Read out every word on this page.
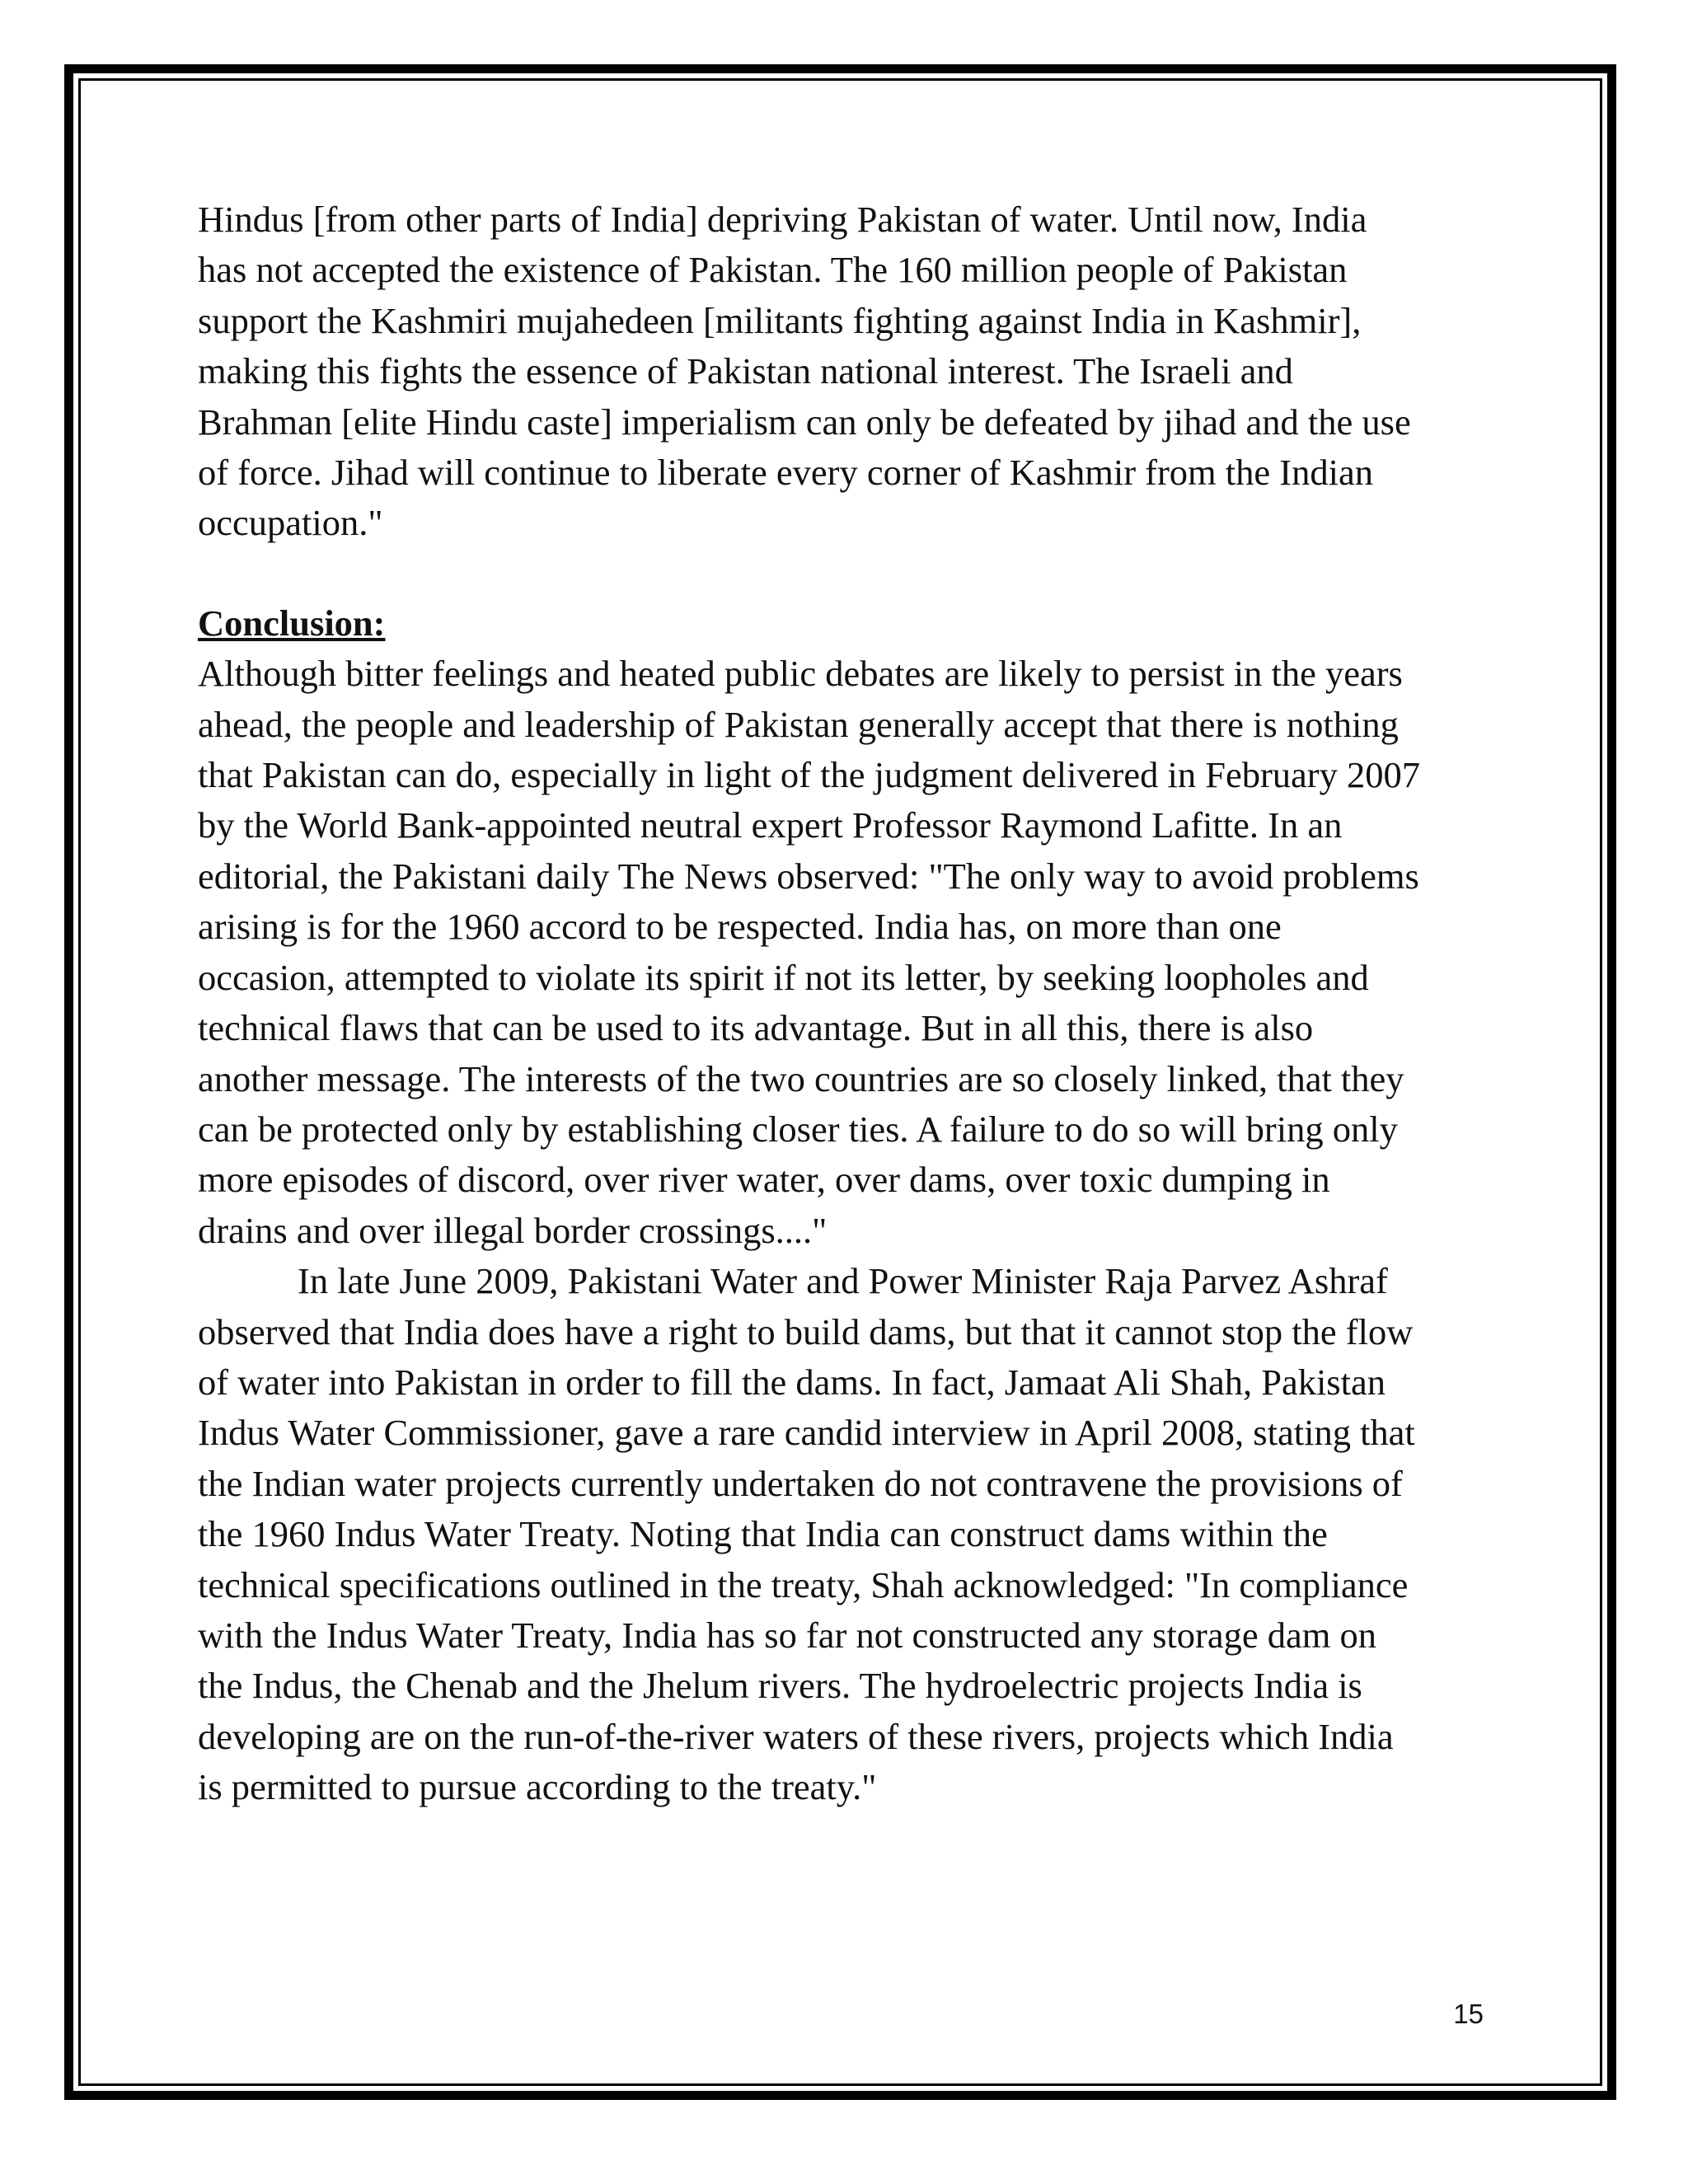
Hindus [from other parts of India] depriving Pakistan of water. Until now, India
has not accepted the existence of Pakistan. The 160 million people of Pakistan
support the Kashmiri mujahedeen [militants fighting against India in Kashmir],
making this fights the essence of Pakistan national interest. The Israeli and
Brahman [elite Hindu caste] imperialism can only be defeated by jihad and the use
of force. Jihad will continue to liberate every corner of Kashmir from the Indian
occupation."

Conclusion:

Although bitter feelings and heated public debates are likely to persist in the years
ahead, the people and leadership of Pakistan generally accept that there is nothing
that Pakistan can do, especially in light of the judgment delivered in February 2007
by the World Bank-appointed neutral expert Professor Raymond Lafitte. In an
editorial, the Pakistani daily The News observed: "The only way to avoid problems
arising is for the 1960 accord to be respected. India has, on more than one
occasion, attempted to violate its spirit if not its letter, by seeking loopholes and
technical flaws that can be used to its advantage. But in all this, there is also
another message. The interests of the two countries are so closely linked, that they
can be protected only by establishing closer ties. A failure to do so will bring only
more episodes of discord, over river water, over dams, over toxic dumping in
drains and over illegal border crossings...."

In late June 2009, Pakistani Water and Power Minister Raja Parvez Ashraf
observed that India does have a right to build dams, but that it cannot stop the flow
of water into Pakistan in order to fill the dams. In fact, Jamaat Ali Shah, Pakistan
Indus Water Commissioner, gave a rare candid interview in April 2008, stating that
the Indian water projects currently undertaken do not contravene the provisions of
the 1960 Indus Water Treaty. Noting that India can construct dams within the
technical specifications outlined in the treaty, Shah acknowledged: "In compliance
with the Indus Water Treaty, India has so far not constructed any storage dam on
the Indus, the Chenab and the Jhelum rivers. The hydroelectric projects India is
developing are on the run-of-the-river waters of these rivers, projects which India
is permitted to pursue according to the treaty."

15
